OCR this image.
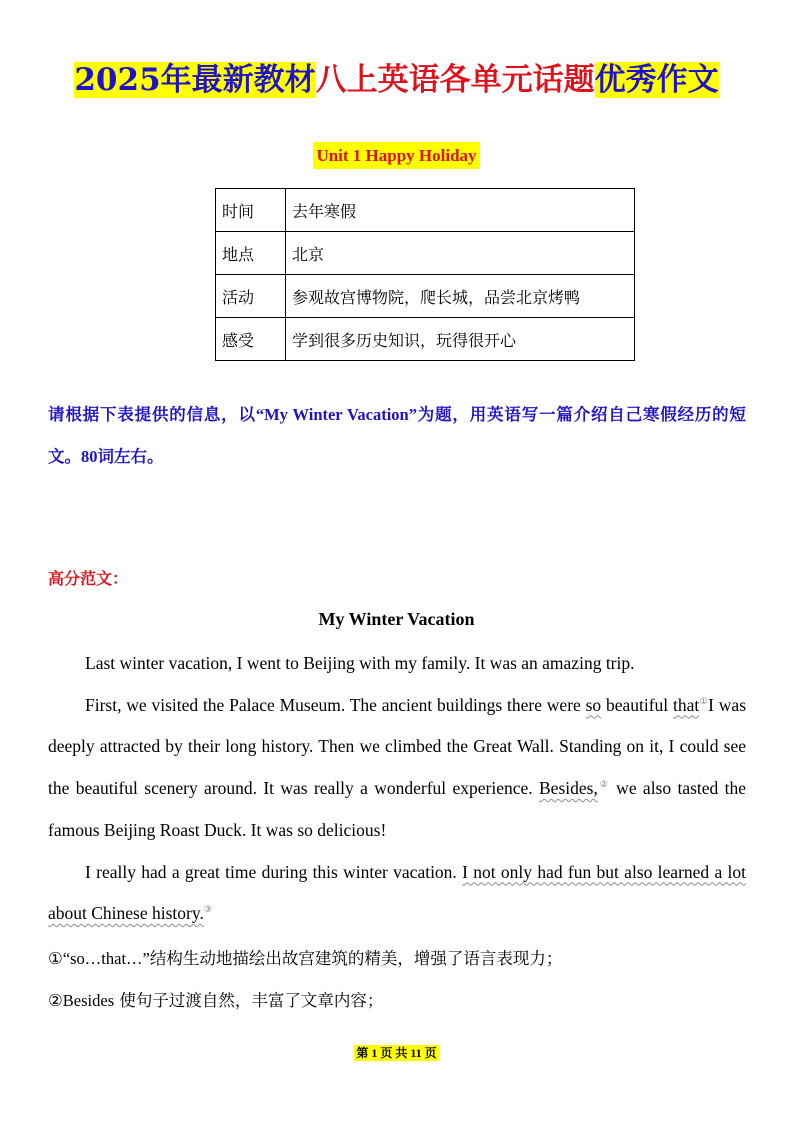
2025年最新教材八上英语各单元话题优秀作文
Unit 1 Happy Holiday
时间	去年寒假
地点	北京
活动	参观故宫博物院，爬长城，品尝北京烤鸭
感受	学到很多历史知识，玩得很开心
请根据下表提供的信息，以“My Winter Vacation”为题，用英语写一篇介绍自己寒假经历的短文。80词左右。
高分范文：
My Winter Vacation

Last winter vacation, I went to Beijing with my family. It was an amazing trip.

First, we visited the Palace Museum. The ancient buildings there were so beautiful that①I was deeply attracted by their long history. Then we climbed the Great Wall. Standing on it, I could see the beautiful scenery around. It was really a wonderful experience. Besides,② we also tasted the famous Beijing Roast Duck. It was so delicious!

I really had a great time during this winter vacation. I not only had fun but also learned a lot about Chinese history.③

①“so…that…”结构生动地描绘出故宫建筑的精美，增强了语言表现力；
②Besides 使句子过渡自然，丰富了文章内容；
第 1 页 共 11 页
